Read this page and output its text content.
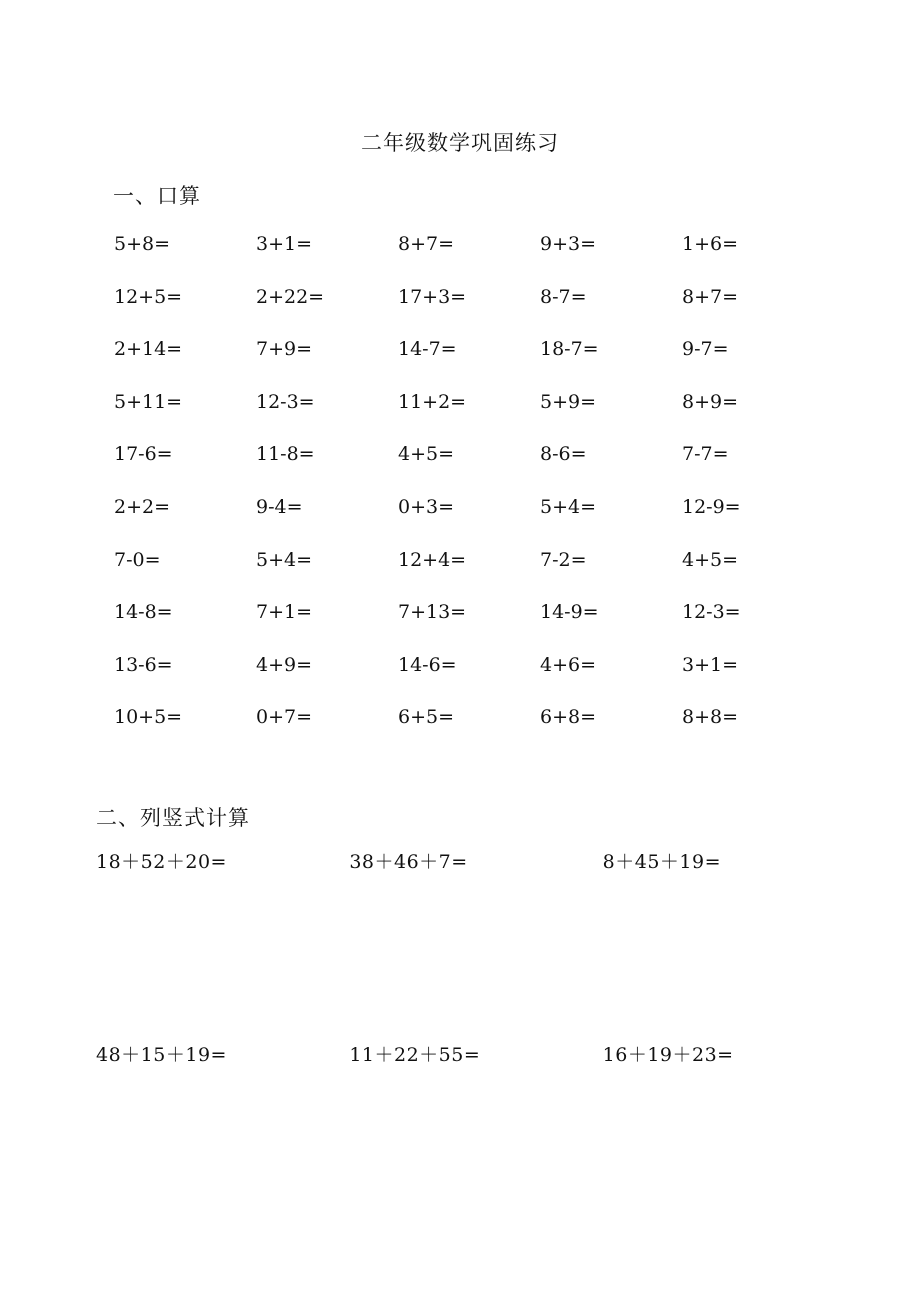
二年级数学巩固练习
一、口算
5+8=	3+1=	8+7=	9+3=	1+6=
12+5=	2+22=	17+3=	8-7=	8+7=
2+14=	7+9=	14-7=	18-7=	9-7=
5+11=	12-3=	11+2=	5+9=	8+9=
17-6=	11-8=	4+5=	8-6=	7-7=
2+2=	9-4=	0+3=	5+4=	12-9=
7-0=	5+4=	12+4=	7-2=	4+5=
14-8=	7+1=	7+13=	14-9=	12-3=
13-6=	4+9=	14-6=	4+6=	3+1=
10+5=	0+7=	6+5=	6+8=	8+8=
二、列竖式计算
18＋52＋20=	38＋46＋7=	8＋45＋19=
48＋15＋19=	11＋22＋55=	16＋19＋23=
